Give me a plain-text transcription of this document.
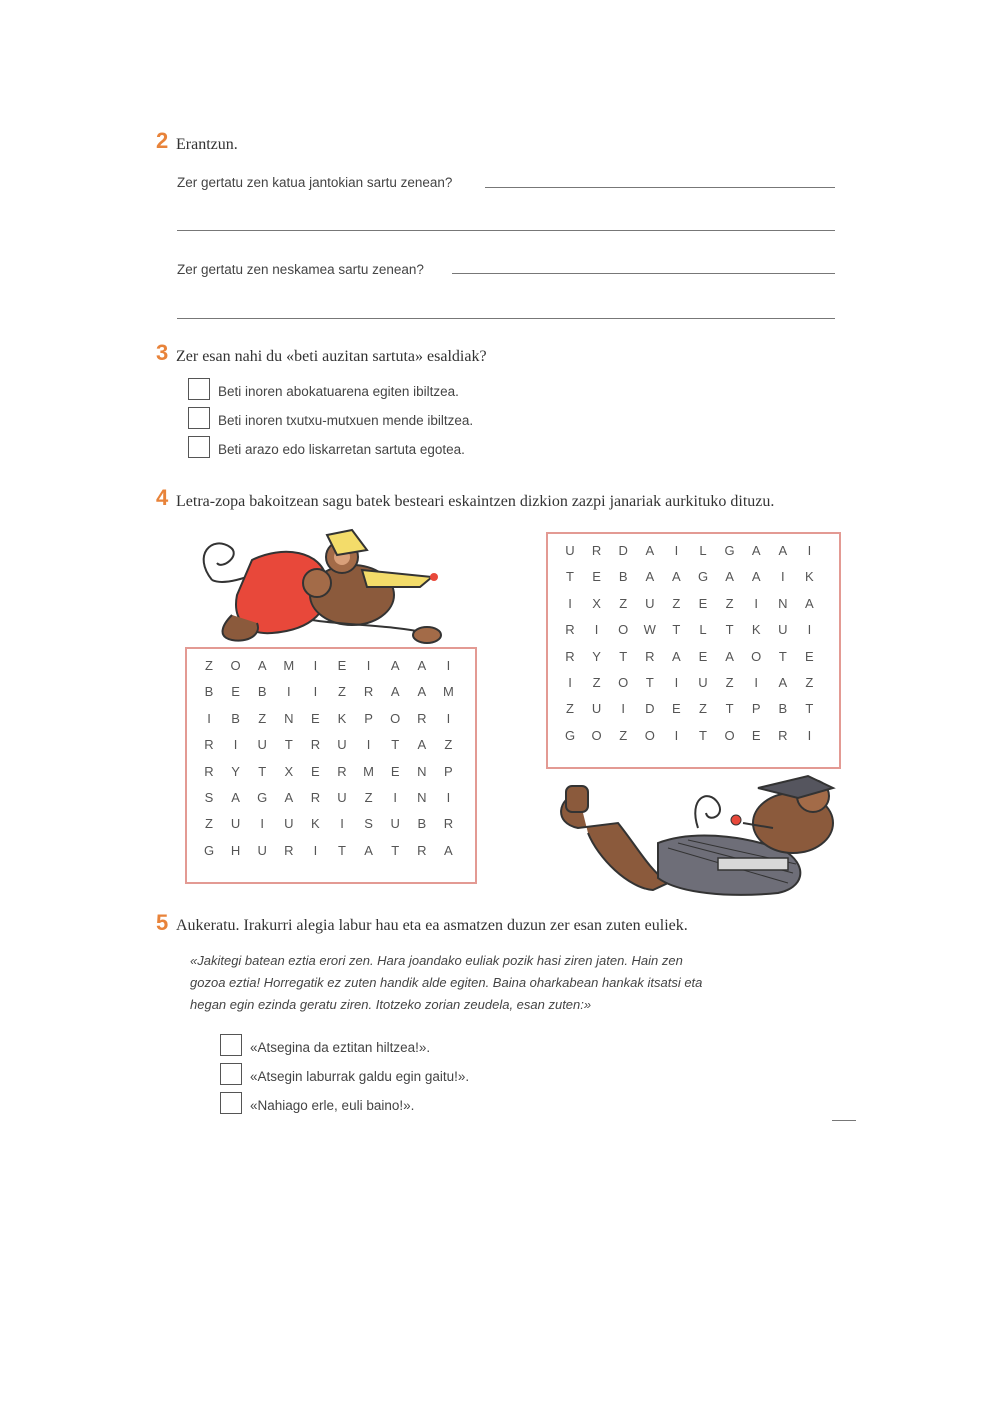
2 Erantzun.
Zer gertatu zen katua jantokian sartu zenean?
Zer gertatu zen neskamea sartu zenean?
3 Zer esan nahi du «beti auzitan sartuta» esaldiak?
Beti inoren abokatuarena egiten ibiltzea.
Beti inoren txutxu-mutxuen mende ibiltzea.
Beti arazo edo liskarretan sartuta egotea.
4 Letra-zopa bakoitzean sagu batek besteari eskaintzen dizkion zazpi janariak aurkituko dituzu.
Z	O	A	M	I	E	I	A	A	I
B	E	B	I	I	Z	R	A	A	M
I	B	Z	N	E	K	P	O	R	I
R	I	U	T	R	U	I	T	A	Z
R	Y	T	X	E	R	M	E	N	P
S	A	G	A	R	U	Z	I	N	I
Z	U	I	U	K	I	S	U	B	R
G	H	U	R	I	T	A	T	R	A
U	R	D	A	I	L	G	A	A	I
T	E	B	A	A	G	A	A	I	K
I	X	Z	U	Z	E	Z	I	N	A
R	I	O	W	T	L	T	K	U	I
R	Y	T	R	A	E	A	O	T	E
I	Z	O	T	I	U	Z	I	A	Z
Z	U	I	D	E	Z	T	P	B	T
G	O	Z	O	I	T	O	E	R	I
5 Aukeratu. Irakurri alegia labur hau eta ea asmatzen duzun zer esan zuten euliek.
«Jakitegi batean eztia erori zen. Hara joandako euliak pozik hasi ziren jaten. Hain zen
gozoa eztia! Horregatik ez zuten handik alde egiten. Baina oharkabean hankak itsatsi eta
hegan egin ezinda geratu ziren. Itotzeko zorian zeudela, esan zuten:»
«Atsegina da eztitan hiltzea!».
«Atsegin laburrak galdu egin gaitu!».
«Nahiago erle, euli baino!».
